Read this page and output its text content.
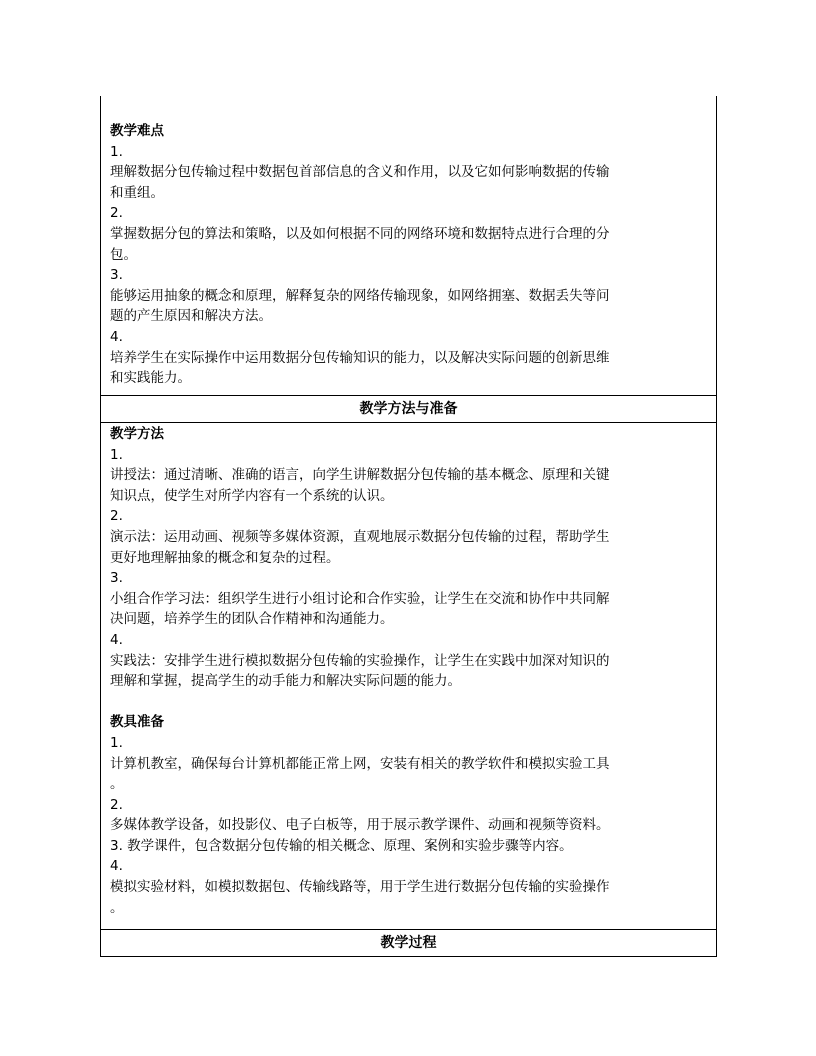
教学难点
1.
理解数据分包传输过程中数据包首部信息的含义和作用，以及它如何影响数据的传输
和重组。
2.
掌握数据分包的算法和策略，以及如何根据不同的网络环境和数据特点进行合理的分
包。
3.
能够运用抽象的概念和原理，解释复杂的网络传输现象，如网络拥塞、数据丢失等问
题的产生原因和解决方法。
4.
培养学生在实际操作中运用数据分包传输知识的能力，以及解决实际问题的创新思维
和实践能力。
教学方法与准备
教学方法
1.
讲授法：通过清晰、准确的语言，向学生讲解数据分包传输的基本概念、原理和关键
知识点，使学生对所学内容有一个系统的认识。
2.
演示法：运用动画、视频等多媒体资源，直观地展示数据分包传输的过程，帮助学生
更好地理解抽象的概念和复杂的过程。
3.
小组合作学习法：组织学生进行小组讨论和合作实验，让学生在交流和协作中共同解
决问题，培养学生的团队合作精神和沟通能力。
4.
实践法：安排学生进行模拟数据分包传输的实验操作，让学生在实践中加深对知识的
理解和掌握，提高学生的动手能力和解决实际问题的能力。
教具准备
1.
计算机教室，确保每台计算机都能正常上网，安装有相关的教学软件和模拟实验工具
。
2.
多媒体教学设备，如投影仪、电子白板等，用于展示教学课件、动画和视频等资料。
3. 教学课件，包含数据分包传输的相关概念、原理、案例和实验步骤等内容。
4.
模拟实验材料，如模拟数据包、传输线路等，用于学生进行数据分包传输的实验操作
。
教学过程
